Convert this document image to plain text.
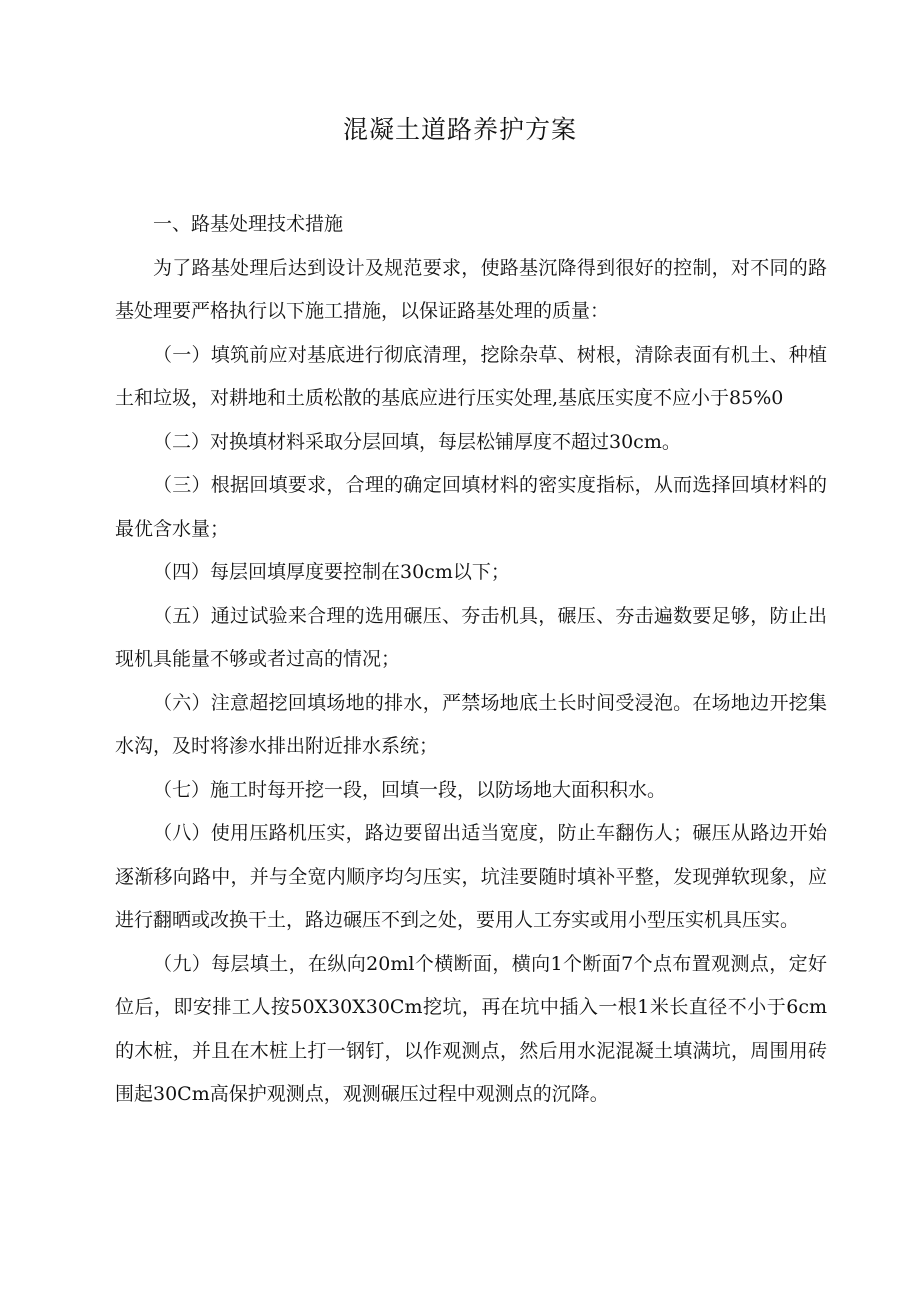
混凝土道路养护方案

一、路基处理技术措施

为了路基处理后达到设计及规范要求，使路基沉降得到很好的控制，对不同的路基处理要严格执行以下施工措施，以保证路基处理的质量：

（一）填筑前应对基底进行彻底清理，挖除杂草、树根，清除表面有机土、种植土和垃圾，对耕地和土质松散的基底应进行压实处理,基底压实度不应小于85%0

（二）对换填材料采取分层回填，每层松铺厚度不超过30cm。

（三）根据回填要求，合理的确定回填材料的密实度指标，从而选择回填材料的最优含水量；

（四）每层回填厚度要控制在30cm以下；

（五）通过试验来合理的选用碾压、夯击机具，碾压、夯击遍数要足够，防止出现机具能量不够或者过高的情况；

（六）注意超挖回填场地的排水，严禁场地底土长时间受浸泡。在场地边开挖集水沟，及时将渗水排出附近排水系统；

（七）施工时每开挖一段，回填一段，以防场地大面积积水。

（八）使用压路机压实，路边要留出适当宽度，防止车翻伤人；碾压从路边开始逐渐移向路中，并与全宽内顺序均匀压实，坑洼要随时填补平整，发现弹软现象，应进行翻晒或改换干土，路边碾压不到之处，要用人工夯实或用小型压实机具压实。

（九）每层填土，在纵向20ml个横断面，横向1个断面7个点布置观测点，定好位后，即安排工人按50X30X30Cm挖坑，再在坑中插入一根1米长直径不小于6cm的木桩，并且在木桩上打一钢钉，以作观测点，然后用水泥混凝土填满坑，周围用砖围起30Cm高保护观测点，观测碾压过程中观测点的沉降。
